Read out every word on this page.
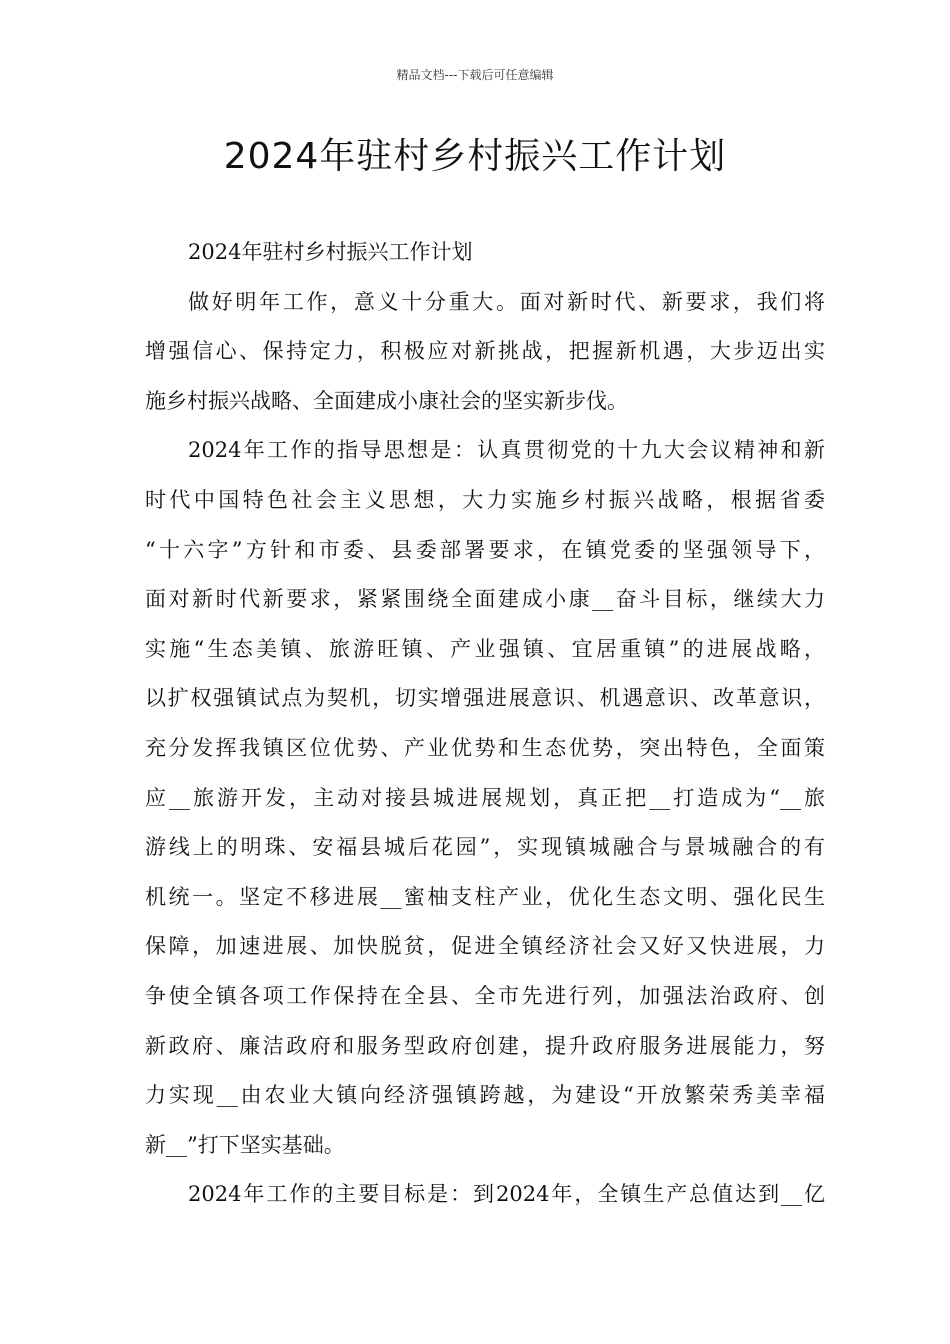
精品文档---下载后可任意编辑
2024年驻村乡村振兴工作计划
2024年驻村乡村振兴工作计划
做好明年工作，意义十分重大。面对新时代、新要求，我们将
增强信心、保持定力，积极应对新挑战，把握新机遇，大步迈出实
施乡村振兴战略、全面建成小康社会的坚实新步伐。
2024年工作的指导思想是：认真贯彻党的十九大会议精神和新
时代中国特色社会主义思想，大力实施乡村振兴战略，根据省委
“十六字”方针和市委、县委部署要求，在镇党委的坚强领导下，
面对新时代新要求，紧紧围绕全面建成小康__奋斗目标，继续大力
实施“生态美镇、旅游旺镇、产业强镇、宜居重镇”的进展战略，
以扩权强镇试点为契机，切实增强进展意识、机遇意识、改革意识，
充分发挥我镇区位优势、产业优势和生态优势，突出特色，全面策
应__旅游开发，主动对接县城进展规划，真正把__打造成为“__旅
游线上的明珠、安福县城后花园”，实现镇城融合与景城融合的有
机统一。坚定不移进展__蜜柚支柱产业，优化生态文明、强化民生
保障，加速进展、加快脱贫，促进全镇经济社会又好又快进展，力
争使全镇各项工作保持在全县、全市先进行列，加强法治政府、创
新政府、廉洁政府和服务型政府创建，提升政府服务进展能力，努
力实现__由农业大镇向经济强镇跨越，为建设“开放繁荣秀美幸福
新__”打下坚实基础。
2024年工作的主要目标是：到2024年，全镇生产总值达到__亿
